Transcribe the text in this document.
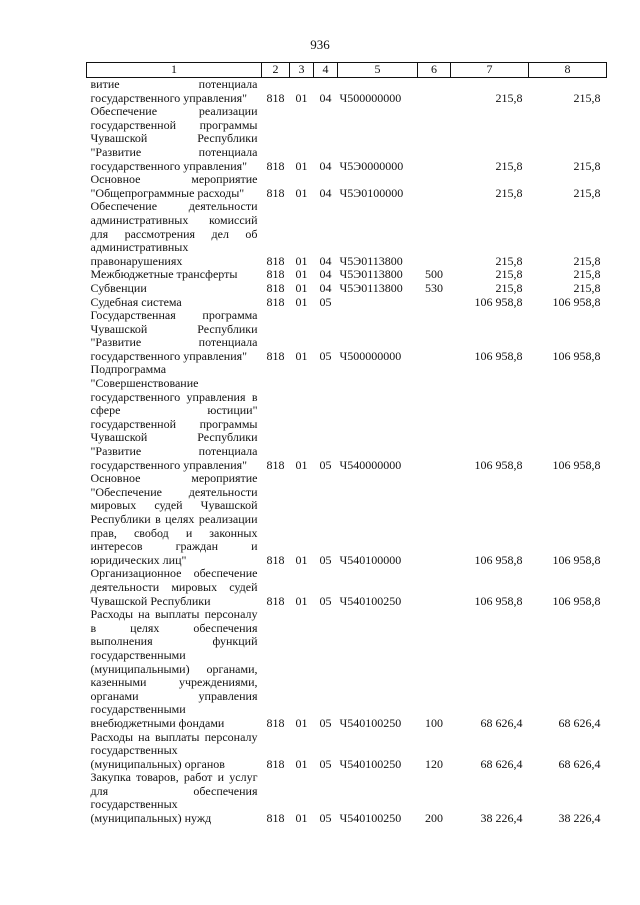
936
1	2	3	4	5	6	7	8
витие потенциала государственного управления"	818	01	04	Ч500000000		215,8	215,8
Обеспечение реализации государственной программы Чувашской Республики "Развитие потенциала государственного управления"	818	01	04	Ч5Э0000000		215,8	215,8
Основное мероприятие "Общепрограммные расходы"	818	01	04	Ч5Э0100000		215,8	215,8
Обеспечение деятельности административных комиссий для рассмотрения дел об административных правонарушениях	818	01	04	Ч5Э0113800		215,8	215,8
Межбюджетные трансферты	818	01	04	Ч5Э0113800	500	215,8	215,8
Субвенции	818	01	04	Ч5Э0113800	530	215,8	215,8
Судебная система	818	01	05			106 958,8	106 958,8
Государственная программа Чувашской Республики "Развитие потенциала государственного управления"	818	01	05	Ч500000000		106 958,8	106 958,8
Подпрограмма "Совершенствование государственного управления в сфере юстиции" государственной программы Чувашской Республики "Развитие потенциала государственного управления"	818	01	05	Ч540000000		106 958,8	106 958,8
Основное мероприятие "Обеспечение деятельности мировых судей Чувашской Республики в целях реализации прав, свобод и законных интересов граждан и юридических лиц"	818	01	05	Ч540100000		106 958,8	106 958,8
Организационное обеспечение деятельности мировых судей Чувашской Республики	818	01	05	Ч540100250		106 958,8	106 958,8
Расходы на выплаты персоналу в целях обеспечения выполнения функций государственными (муниципальными) органами, казенными учреждениями, органами управления государственными внебюджетными фондами	818	01	05	Ч540100250	100	68 626,4	68 626,4
Расходы на выплаты персоналу государственных (муниципальных) органов	818	01	05	Ч540100250	120	68 626,4	68 626,4
Закупка товаров, работ и услуг для обеспечения государственных (муниципальных) нужд	818	01	05	Ч540100250	200	38 226,4	38 226,4
